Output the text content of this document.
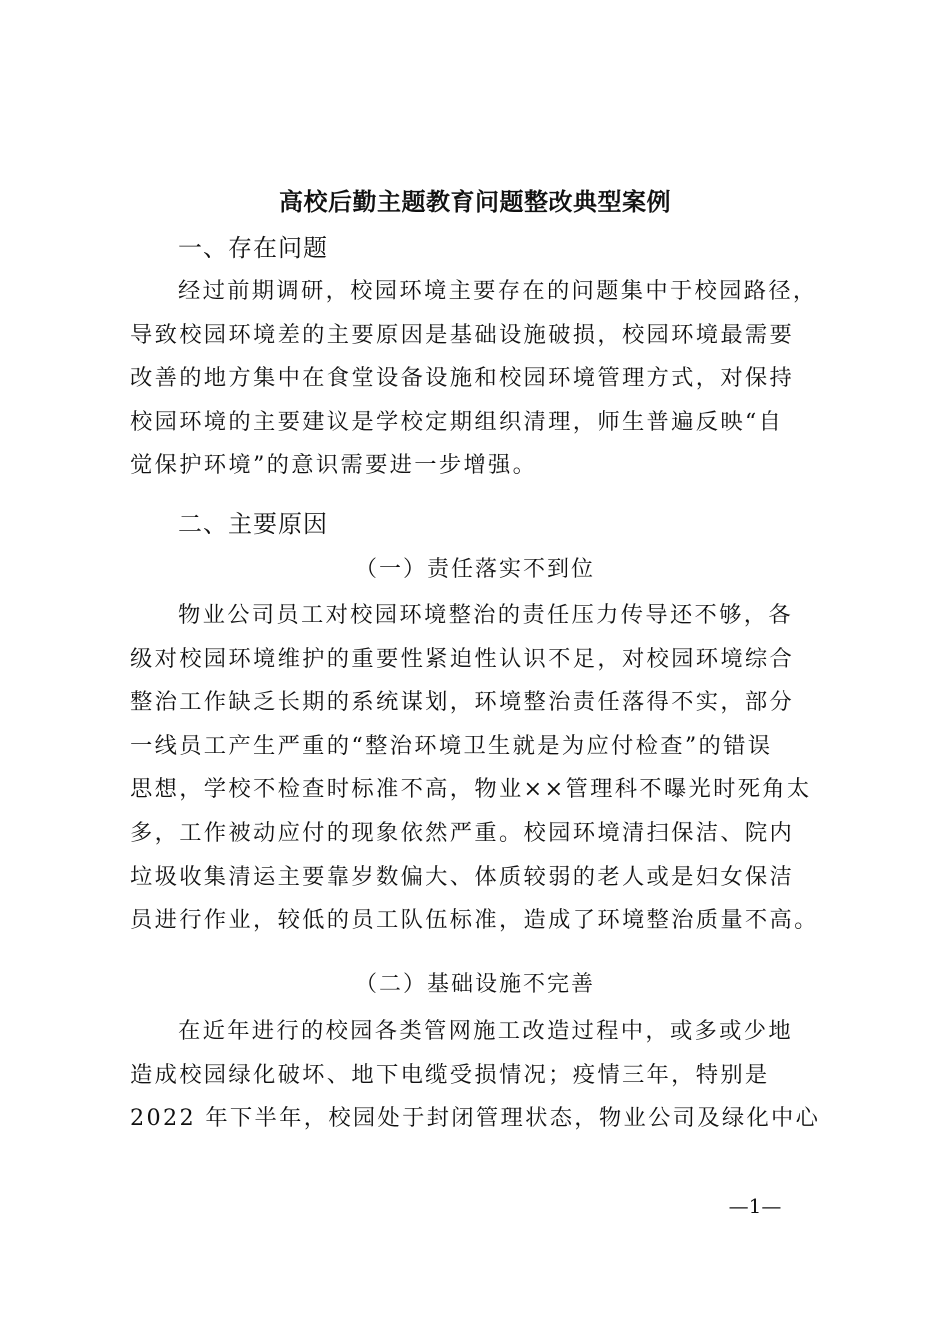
高校后勤主题教育问题整改典型案例
一、存在问题
经过前期调研，校园环境主要存在的问题集中于校园路径，
导致校园环境差的主要原因是基础设施破损，校园环境最需要
改善的地方集中在食堂设备设施和校园环境管理方式，对保持
校园环境的主要建议是学校定期组织清理，师生普遍反映“自
觉保护环境”的意识需要进一步增强。
二、主要原因
（一）责任落实不到位
物业公司员工对校园环境整治的责任压力传导还不够，各
级对校园环境维护的重要性紧迫性认识不足，对校园环境综合
整治工作缺乏长期的系统谋划，环境整治责任落得不实，部分
一线员工产生严重的“整治环境卫生就是为应付检查”的错误
思想，学校不检查时标准不高，物业××管理科不曝光时死角太
多，工作被动应付的现象依然严重。校园环境清扫保洁、院内
垃圾收集清运主要靠岁数偏大、体质较弱的老人或是妇女保洁
员进行作业，较低的员工队伍标准，造成了环境整治质量不高。
（二）基础设施不完善
在近年进行的校园各类管网施工改造过程中，或多或少地
造成校园绿化破坏、地下电缆受损情况；疫情三年，特别是
2022 年下半年，校园处于封闭管理状态，物业公司及绿化中心
—1—
